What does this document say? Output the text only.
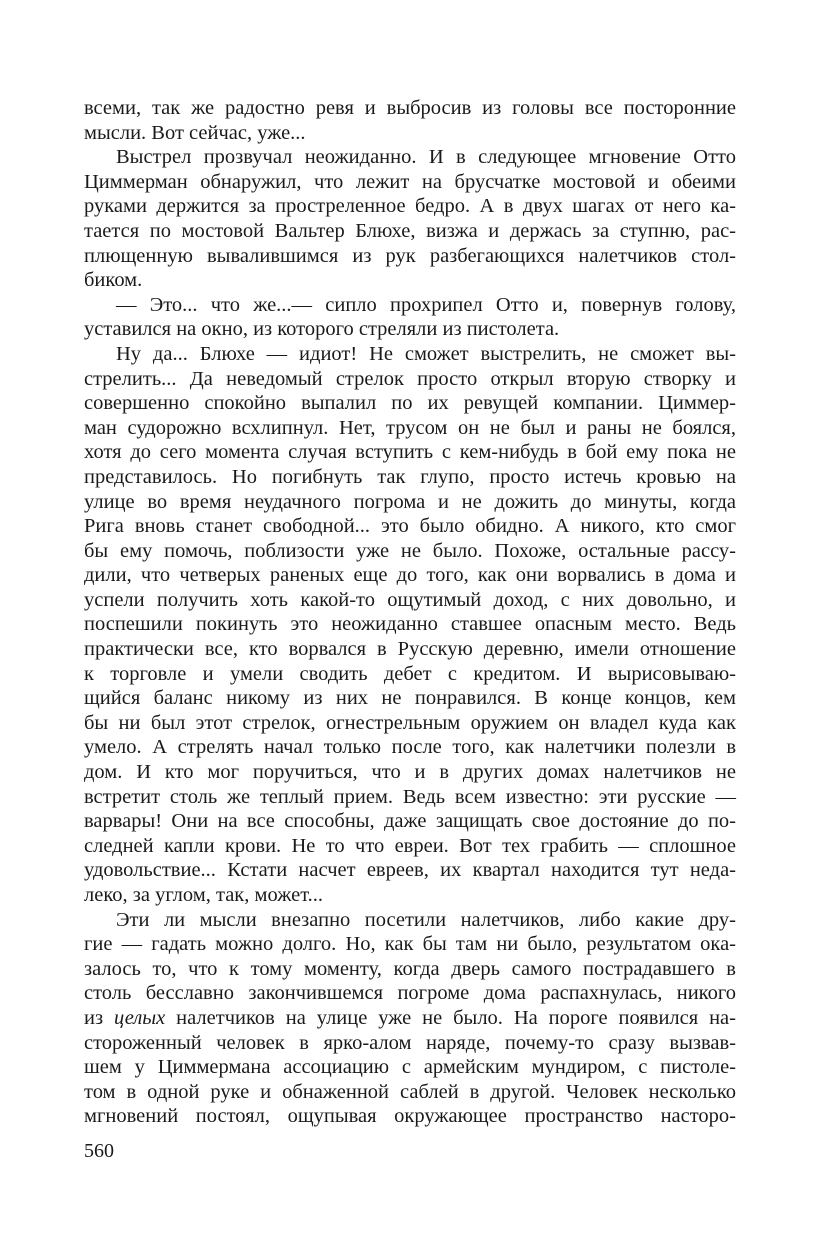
всеми, так же радостно ревя и выбросив из головы все посторонние
мысли. Вот сейчас, уже...
Выстрел прозвучал неожиданно. И в следующее мгновение Отто
Циммерман обнаружил, что лежит на брусчатке мостовой и обеими
руками держится за простреленное бедро. А в двух шагах от него ка-
тается по мостовой Вальтер Блюхе, визжа и держась за ступню, рас-
плющенную вывалившимся из рук разбегающихся налетчиков стол-
биком.
— Это... что же...— сипло прохрипел Отто и, повернув голову,
уставился на окно, из которого стреляли из пистолета.
Ну да... Блюхе — идиот! Не сможет выстрелить, не сможет вы-
стрелить... Да неведомый стрелок просто открыл вторую створку и
совершенно спокойно выпалил по их ревущей компании. Циммер-
ман судорожно всхлипнул. Нет, трусом он не был и раны не боялся,
хотя до сего момента случая вступить с кем-нибудь в бой ему пока не
представилось. Но погибнуть так глупо, просто истечь кровью на
улице во время неудачного погрома и не дожить до минуты, когда
Рига вновь станет свободной... это было обидно. А никого, кто смог
бы ему помочь, поблизости уже не было. Похоже, остальные рассу-
дили, что четверых раненых еще до того, как они ворвались в дома и
успели получить хоть какой-то ощутимый доход, с них довольно, и
поспешили покинуть это неожиданно ставшее опасным место. Ведь
практически все, кто ворвался в Русскую деревню, имели отношение
к торговле и умели сводить дебет с кредитом. И вырисовываю-
щийся баланс никому из них не понравился. В конце концов, кем
бы ни был этот стрелок, огнестрельным оружием он владел куда как
умело. А стрелять начал только после того, как налетчики полезли в
дом. И кто мог поручиться, что и в других домах налетчиков не
встретит столь же теплый прием. Ведь всем известно: эти русские —
варвары! Они на все способны, даже защищать свое достояние до по-
следней капли крови. Не то что евреи. Вот тех грабить — сплошное
удовольствие... Кстати насчет евреев, их квартал находится тут неда-
леко, за углом, так, может...
Эти ли мысли внезапно посетили налетчиков, либо какие дру-
гие — гадать можно долго. Но, как бы там ни было, результатом ока-
залось то, что к тому моменту, когда дверь самого пострадавшего в
столь бесславно закончившемся погроме дома распахнулась, никого
из целых налетчиков на улице уже не было. На пороге появился на-
стороженный человек в ярко-алом наряде, почему-то сразу вызвав-
шем у Циммермана ассоциацию с армейским мундиром, с пистоле-
том в одной руке и обнаженной саблей в другой. Человек несколько
мгновений постоял, ощупывая окружающее пространство насторо-
560
